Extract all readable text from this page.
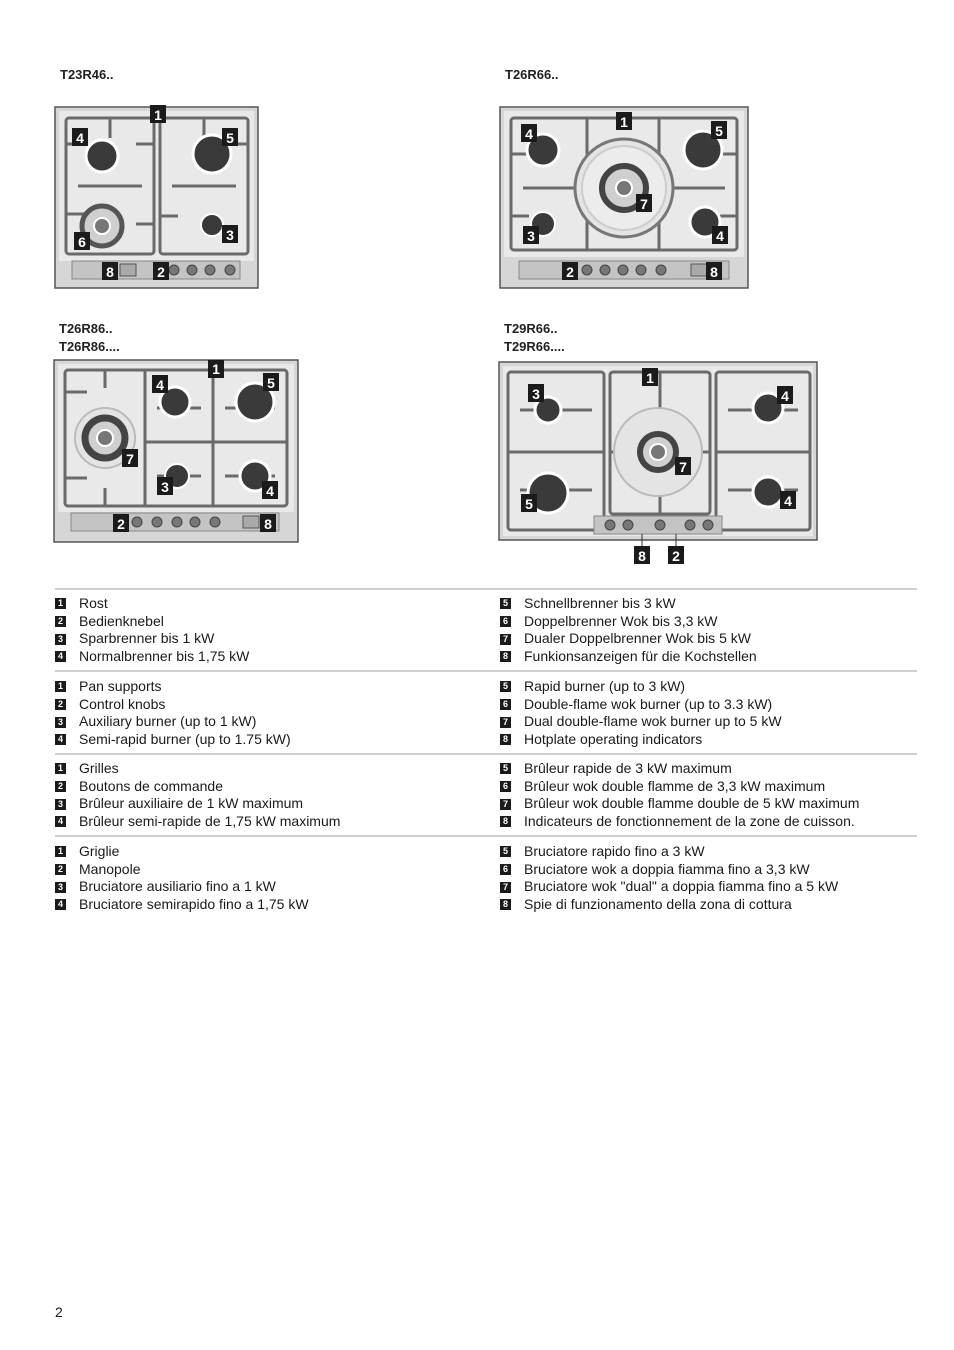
T23R46..	T26R66..
T26R86..
T26R86....
T29R66..
T29R66....
1
4	5
3
6
8	2
1
4	5
7
3	4
2	8
1
4	5
7
3	4
2	8
1
3	4
7
5	4
8 2
1 Rost
2 Bedienknebel
3 Sparbrenner bis 1 kW
4 Normalbrenner bis 1,75 kW
5 Schnellbrenner bis 3 kW
6 Doppelbrenner Wok bis 3,3 kW
7 Dualer Doppelbrenner Wok bis 5 kW
8 Funkionsanzeigen für die Kochstellen
1 Pan supports
2 Control knobs
3 Auxiliary burner (up to 1 kW)
4 Semi-rapid burner (up to 1.75 kW)
5 Rapid burner (up to 3 kW)
6 Double-flame wok burner (up to 3.3 kW)
7 Dual double-flame wok burner up to 5 kW
8 Hotplate operating indicators
1 Grilles
2 Boutons de commande
3 Brûleur auxiliaire de 1 kW maximum
4 Brûleur semi-rapide de 1,75 kW maximum
5 Brûleur rapide de 3 kW maximum
6 Brûleur wok double flamme de 3,3 kW maximum
7 Brûleur wok double flamme double de 5 kW maximum
8 Indicateurs de fonctionnement de la zone de cuisson.
1 Griglie
2 Manopole
3 Bruciatore ausiliario fino a 1 kW
4 Bruciatore semirapido fino a 1,75 kW
5 Bruciatore rapido fino a 3 kW
6 Bruciatore wok a doppia fiamma fino a 3,3 kW
7 Bruciatore wok "dual" a doppia fiamma fino a 5 kW
8 Spie di funzionamento della zona di cottura
2
